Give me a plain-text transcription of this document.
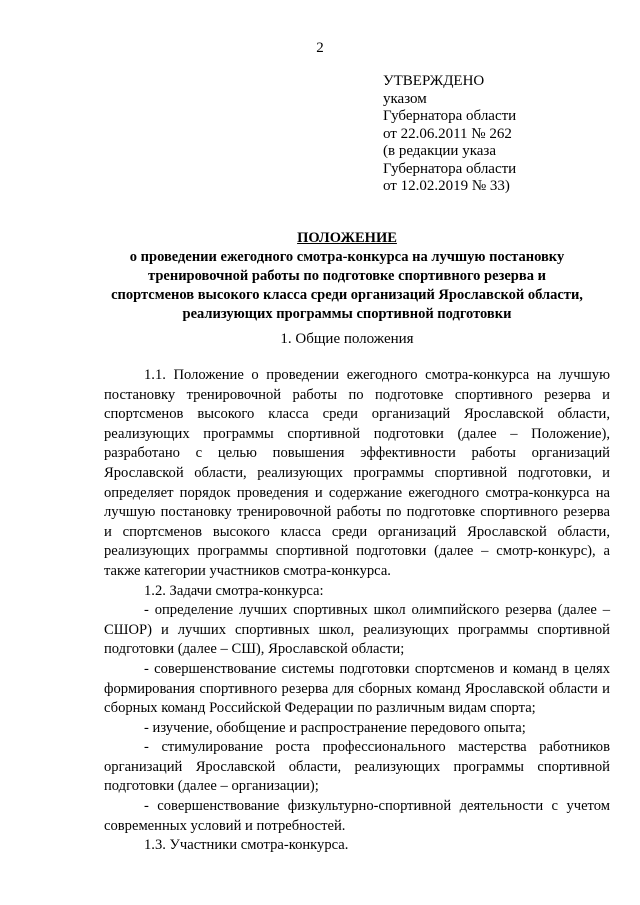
2
УТВЕРЖДЕНО
указом
Губернатора области
от 22.06.2011 № 262
(в редакции указа
Губернатора области
от 12.02.2019 № 33)
ПОЛОЖЕНИЕ
о проведении ежегодного смотра-конкурса на лучшую постановку
тренировочной работы по подготовке спортивного резерва и
спортсменов высокого класса среди организаций Ярославской области,
реализующих программы спортивной подготовки
1. Общие положения

1.1. Положение о проведении ежегодного смотра-конкурса на лучшую постановку тренировочной работы по подготовке спортивного резерва и спортсменов высокого класса среди организаций Ярославской области, реализующих программы спортивной подготовки (далее – Положение), разработано с целью повышения эффективности работы организаций Ярославской области, реализующих программы спортивной подготовки, и определяет порядок проведения и содержание ежегодного смотра-конкурса на лучшую постановку тренировочной работы по подготовке спортивного резерва и спортсменов высокого класса среди организаций Ярославской области, реализующих программы спортивной подготовки (далее – смотр-конкурс), а также категории участников смотра-конкурса.

1.2. Задачи смотра-конкурса:

- определение лучших спортивных школ олимпийского резерва (далее – СШОР) и лучших спортивных школ, реализующих программы спортивной подготовки (далее – СШ), Ярославской области;

- совершенствование системы подготовки спортсменов и команд в целях формирования спортивного резерва для сборных команд Ярославской области и сборных команд Российской Федерации по различным видам спорта;

- изучение, обобщение и распространение передового опыта;

- стимулирование роста профессионального мастерства работников организаций Ярославской области, реализующих программы спортивной подготовки (далее – организации);

- совершенствование физкультурно-спортивной деятельности с учетом современных условий и потребностей.

1.3. Участники смотра-конкурса.
